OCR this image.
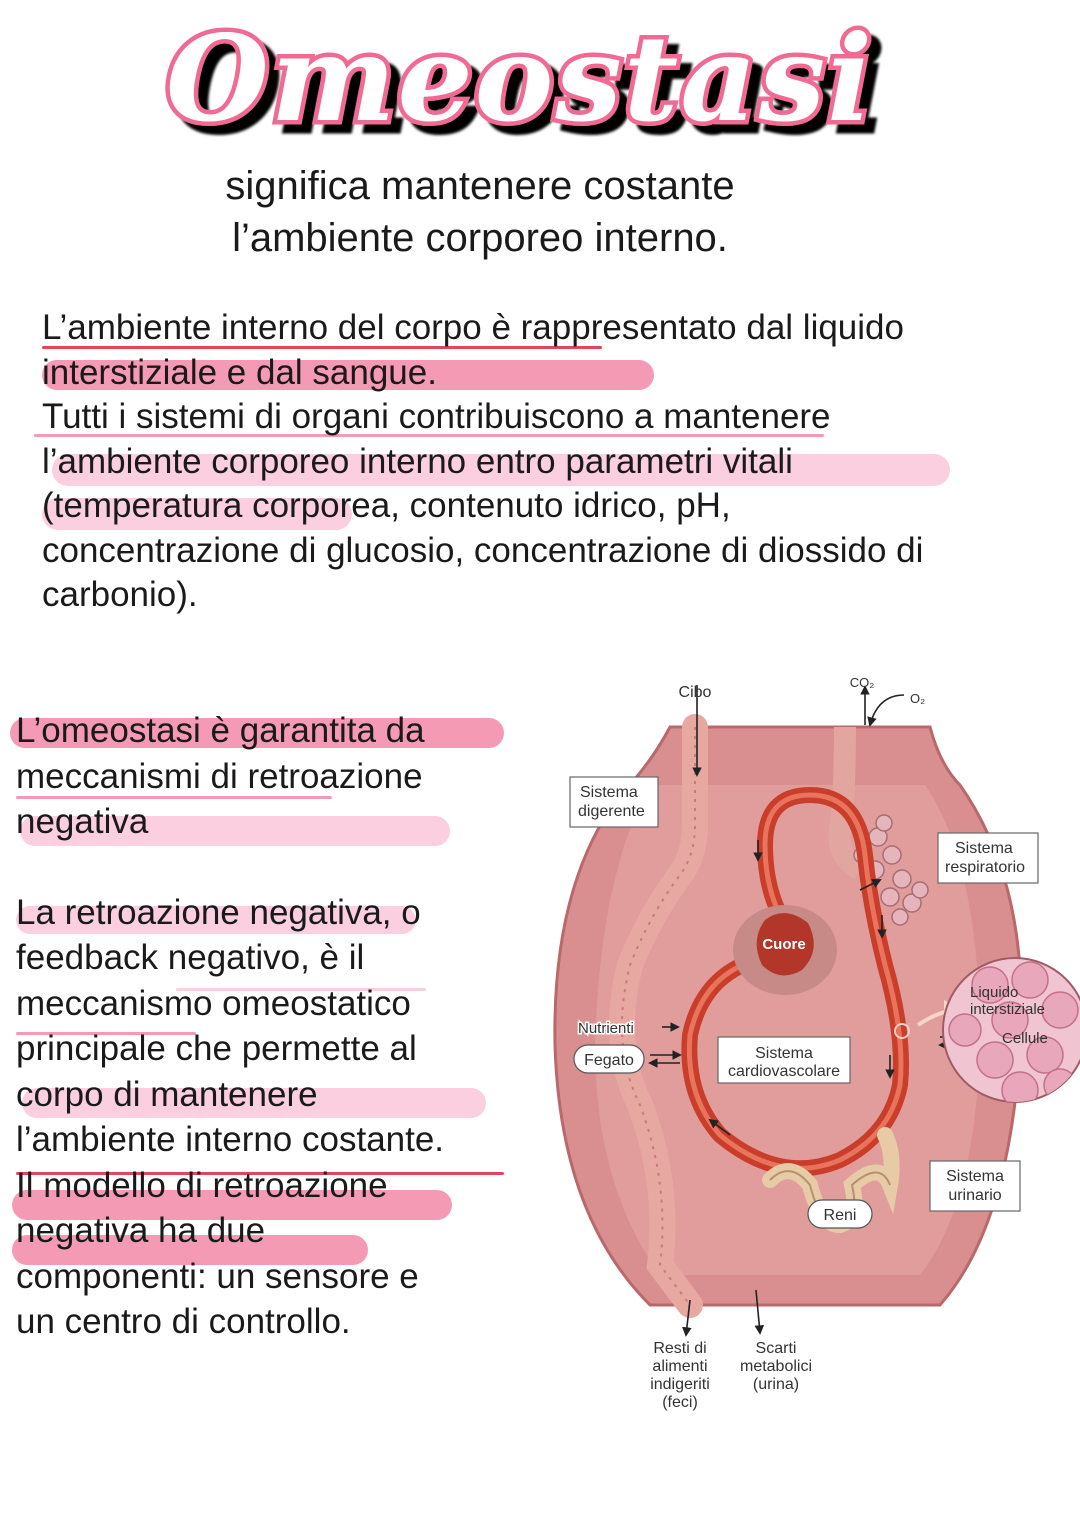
Omeostasi
significa mantenere costante l’ambiente corporeo interno.
L’ambiente interno del corpo è rappresentato dal liquido
interstiziale e dal sangue.
Tutti i sistemi di organi contribuiscono a mantenere
l’ambiente corporeo interno entro parametri vitali
(temperatura corporea, contenuto idrico, pH,
concentrazione di glucosio, concentrazione di diossido di
carbonio).
L’omeostasi è garantita da
meccanismi di retroazione
negativa
La retroazione negativa, o
feedback negativo, è il
meccanismo omeostatico
principale che permette al
corpo di mantenere
l’ambiente interno costante.
Il modello di retroazione
negativa ha due
componenti: un sensore e
un centro di controllo.
Cuore
Liquido
interstiziale
Cellule
Cibo
CO₂
O₂
Sistema
digerente
Sistema
respiratorio
Sistema
cardiovascolare
Sistema
urinario
Nutrienti
Fegato
Reni
Resti di
alimenti
indigeriti
(feci)
Scarti
metabolici
(urina)
